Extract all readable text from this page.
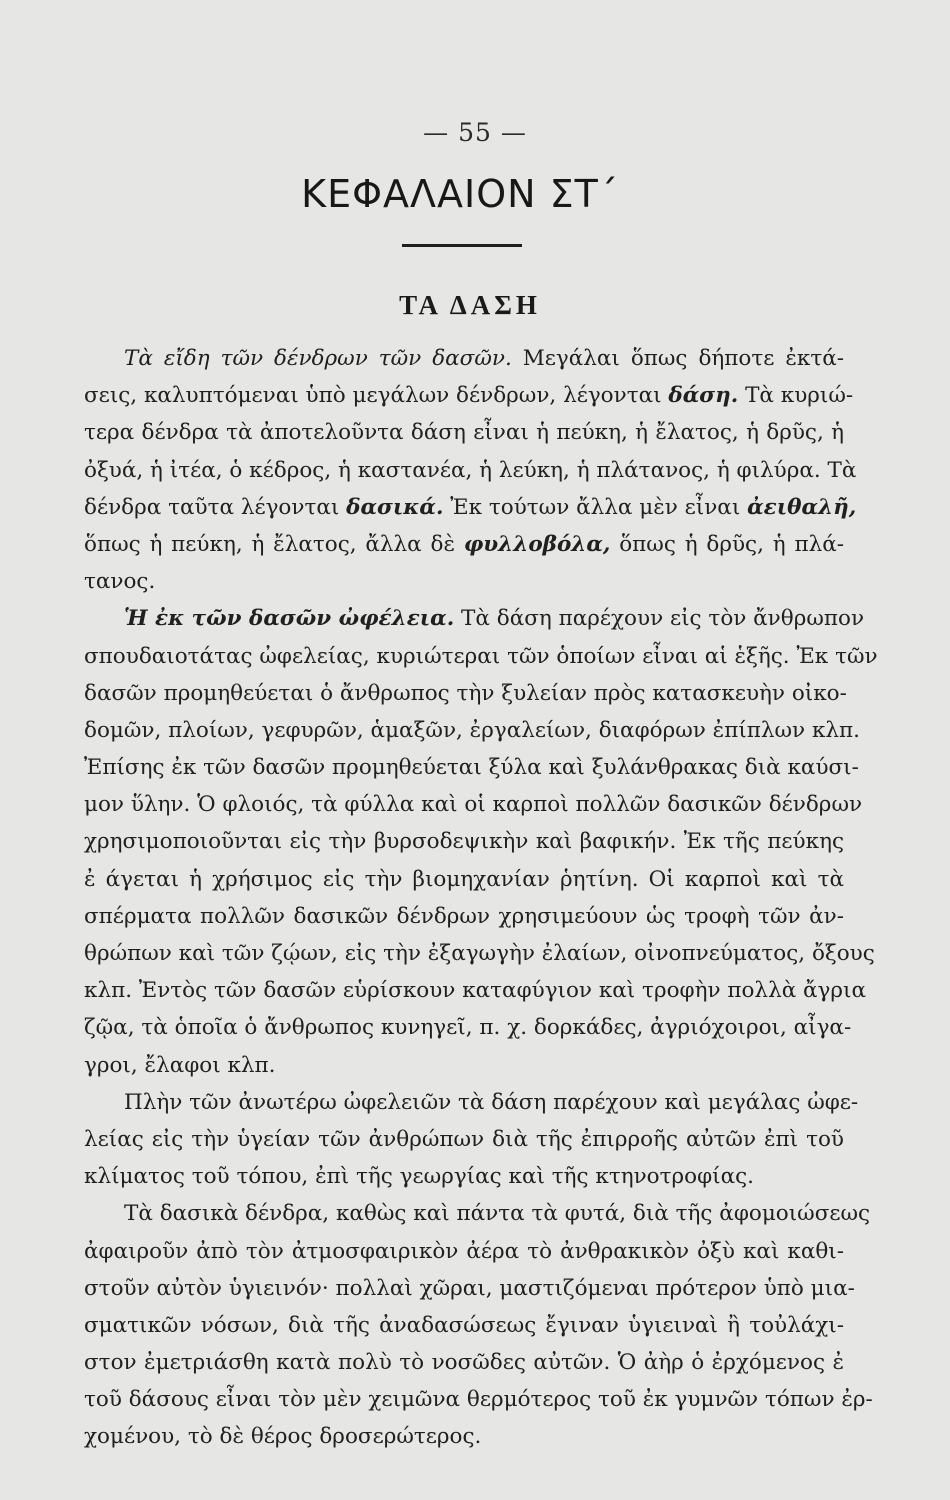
— 55 —
ΚΕΦΑΛΑΙΟΝ ΣΤ΄
ΤΑ ΔΑΣΗ
Τὰ εἴδη τῶν δένδρων τῶν δασῶν. Μεγάλαι ὅπως δήποτε ἐκτά-
σεις, καλυπτόμεναι ὑπὸ μεγάλων δένδρων, λέγονται δάση. Τὰ κυριώ-
τερα δένδρα τὰ ἀποτελοῦντα δάση εἶναι ἡ πεύκη, ἡ ἔλατος, ἡ δρῦς, ἡ
ὀξυά, ἡ ἰτέα, ὁ κέδρος, ἡ καστανέα, ἡ λεύκη, ἡ πλάτανος, ἡ φιλύρα. Τὰ
δένδρα ταῦτα λέγονται δασικά. Ἐκ τούτων ἄλλα μὲν εἶναι ἀειθαλῆ,
ὅπως ἡ πεύκη, ἡ ἔλατος, ἄλλα δὲ φυλλοβόλα, ὅπως ἡ δρῦς, ἡ πλά-
τανος.
Ἡ ἐκ τῶν δασῶν ὠφέλεια. Τὰ δάση παρέχουν εἰς τὸν ἄνθρωπον
σπουδαιοτάτας ὠφελείας, κυριώτεραι τῶν ὁποίων εἶναι αἱ ἑξῆς. Ἐκ τῶν
δασῶν προμηθεύεται ὁ ἄνθρωπος τὴν ξυλείαν πρὸς κατασκευὴν οἰκο-
δομῶν, πλοίων, γεφυρῶν, ἁμαξῶν, ἐργαλείων, διαφόρων ἐπίπλων κλπ.
Ἐπίσης ἐκ τῶν δασῶν προμηθεύεται ξύλα καὶ ξυλάνθρακας διὰ καύσι-
μον ὕλην. Ὁ φλοιός, τὰ φύλλα καὶ οἱ καρποὶ πολλῶν δασικῶν δένδρων
χρησιμοποιοῦνται εἰς τὴν βυρσοδεψικὴν καὶ βαφικήν. Ἐκ τῆς πεύκης
ἐ άγεται ἡ χρήσιμος εἰς τὴν βιομηχανίαν ῥητίνη. Οἱ καρποὶ καὶ τὰ
σπέρματα πολλῶν δασικῶν δένδρων χρησιμεύουν ὡς τροφὴ τῶν ἀν-
θρώπων καὶ τῶν ζῴων, εἰς τὴν ἐξαγωγὴν ἐλαίων, οἰνοπνεύματος, ὄξους
κλπ. Ἐντὸς τῶν δασῶν εὑρίσκουν καταφύγιον καὶ τροφὴν πολλὰ ἄγρια
ζῷα, τὰ ὁποῖα ὁ ἄνθρωπος κυνηγεῖ, π. χ. δορκάδες, ἀγριόχοιροι, αἶγα-
γροι, ἔλαφοι κλπ.
Πλὴν τῶν ἀνωτέρω ὠφελειῶν τὰ δάση παρέχουν καὶ μεγάλας ὠφε-
λείας εἰς τὴν ὑγείαν τῶν ἀνθρώπων διὰ τῆς ἐπιρροῆς αὐτῶν ἐπὶ τοῦ
κλίματος τοῦ τόπου, ἐπὶ τῆς γεωργίας καὶ τῆς κτηνοτροφίας.
Τὰ δασικὰ δένδρα, καθὼς καὶ πάντα τὰ φυτά, διὰ τῆς ἀφομοιώσεως
ἀφαιροῦν ἀπὸ τὸν ἀτμοσφαιρικὸν ἀέρα τὸ ἀνθρακικὸν ὀξὺ καὶ καθι-
στοῦν αὐτὸν ὑγιεινόν· πολλαὶ χῶραι, μαστιζόμεναι πρότερον ὑπὸ μια-
σματικῶν νόσων, διὰ τῆς ἀναδασώσεως ἔγιναν ὑγιειναὶ ἢ τοὐλάχι-
στον ἐμετριάσθη κατὰ πολὺ τὸ νοσῶδες αὐτῶν. Ὁ ἀὴρ ὁ ἐρχόμενος ἐ
τοῦ δάσους εἶναι τὸν μὲν χειμῶνα θερμότερος τοῦ ἐκ γυμνῶν τόπων ἐρ-
χομένου, τὸ δὲ θέρος δροσερώτερος.
